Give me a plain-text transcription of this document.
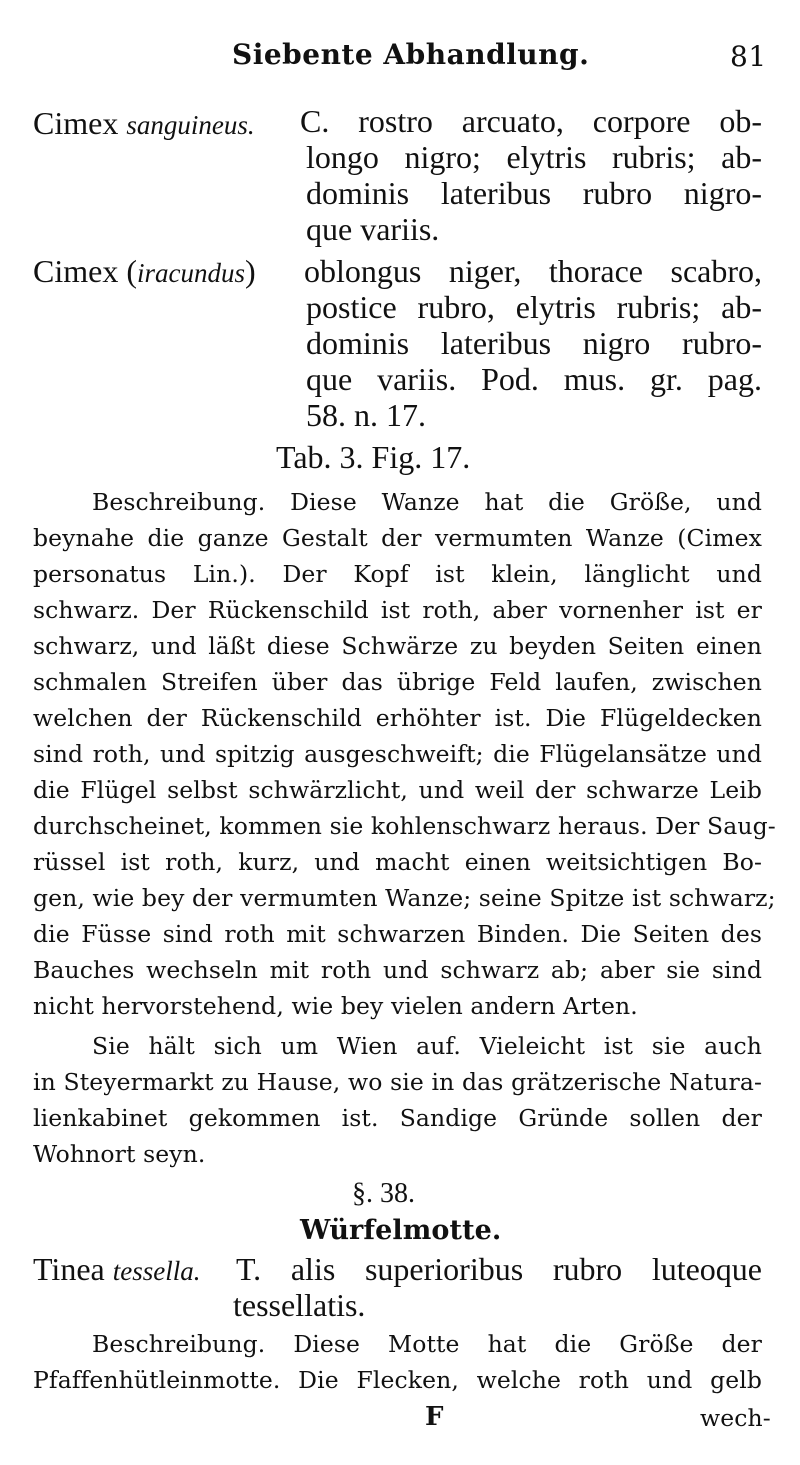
Siebente Abhandlung.	81
Cimex sanguineus. C. rostro arcuato, corpore ob-
longo nigro; elytris rubris; ab-
dominis lateribus rubro nigro-
que variis.
Cimex (iracundus) oblongus niger, thorace scabro,
postice rubro, elytris rubris; ab-
dominis lateribus nigro rubro-
que variis. Pod. mus. gr. pag.
58. n. 17.
Tab. 3. Fig. 17.
Beschreibung. Diese Wanze hat die Größe, und
beynahe die ganze Gestalt der vermumten Wanze (Cimex
personatus Lin.). Der Kopf ist klein, länglicht und
schwarz. Der Rückenschild ist roth, aber vornenher ist er
schwarz, und läßt diese Schwärze zu beyden Seiten einen
schmalen Streifen über das übrige Feld laufen, zwischen
welchen der Rückenschild erhöhter ist. Die Flügeldecken
sind roth, und spitzig ausgeschweift; die Flügelansätze und
die Flügel selbst schwärzlicht, und weil der schwarze Leib
durchscheinet, kommen sie kohlenschwarz heraus. Der Saug-
rüssel ist roth, kurz, und macht einen weitsichtigen Bo-
gen, wie bey der vermumten Wanze; seine Spitze ist schwarz;
die Füsse sind roth mit schwarzen Binden. Die Seiten des
Bauches wechseln mit roth und schwarz ab; aber sie sind
nicht hervorstehend, wie bey vielen andern Arten.
Sie hält sich um Wien auf. Vieleicht ist sie auch
in Steyermarkt zu Hause, wo sie in das grätzerische Natura-
lienkabinet gekommen ist. Sandige Gründe sollen der
Wohnort seyn.
§. 38.
Würfelmotte.
Tinea tessella. T. alis superioribus rubro luteoque
tessellatis.
Beschreibung. Diese Motte hat die Größe der
Pfaffenhütleinmotte. Die Flecken, welche roth und gelb
F	wech-
